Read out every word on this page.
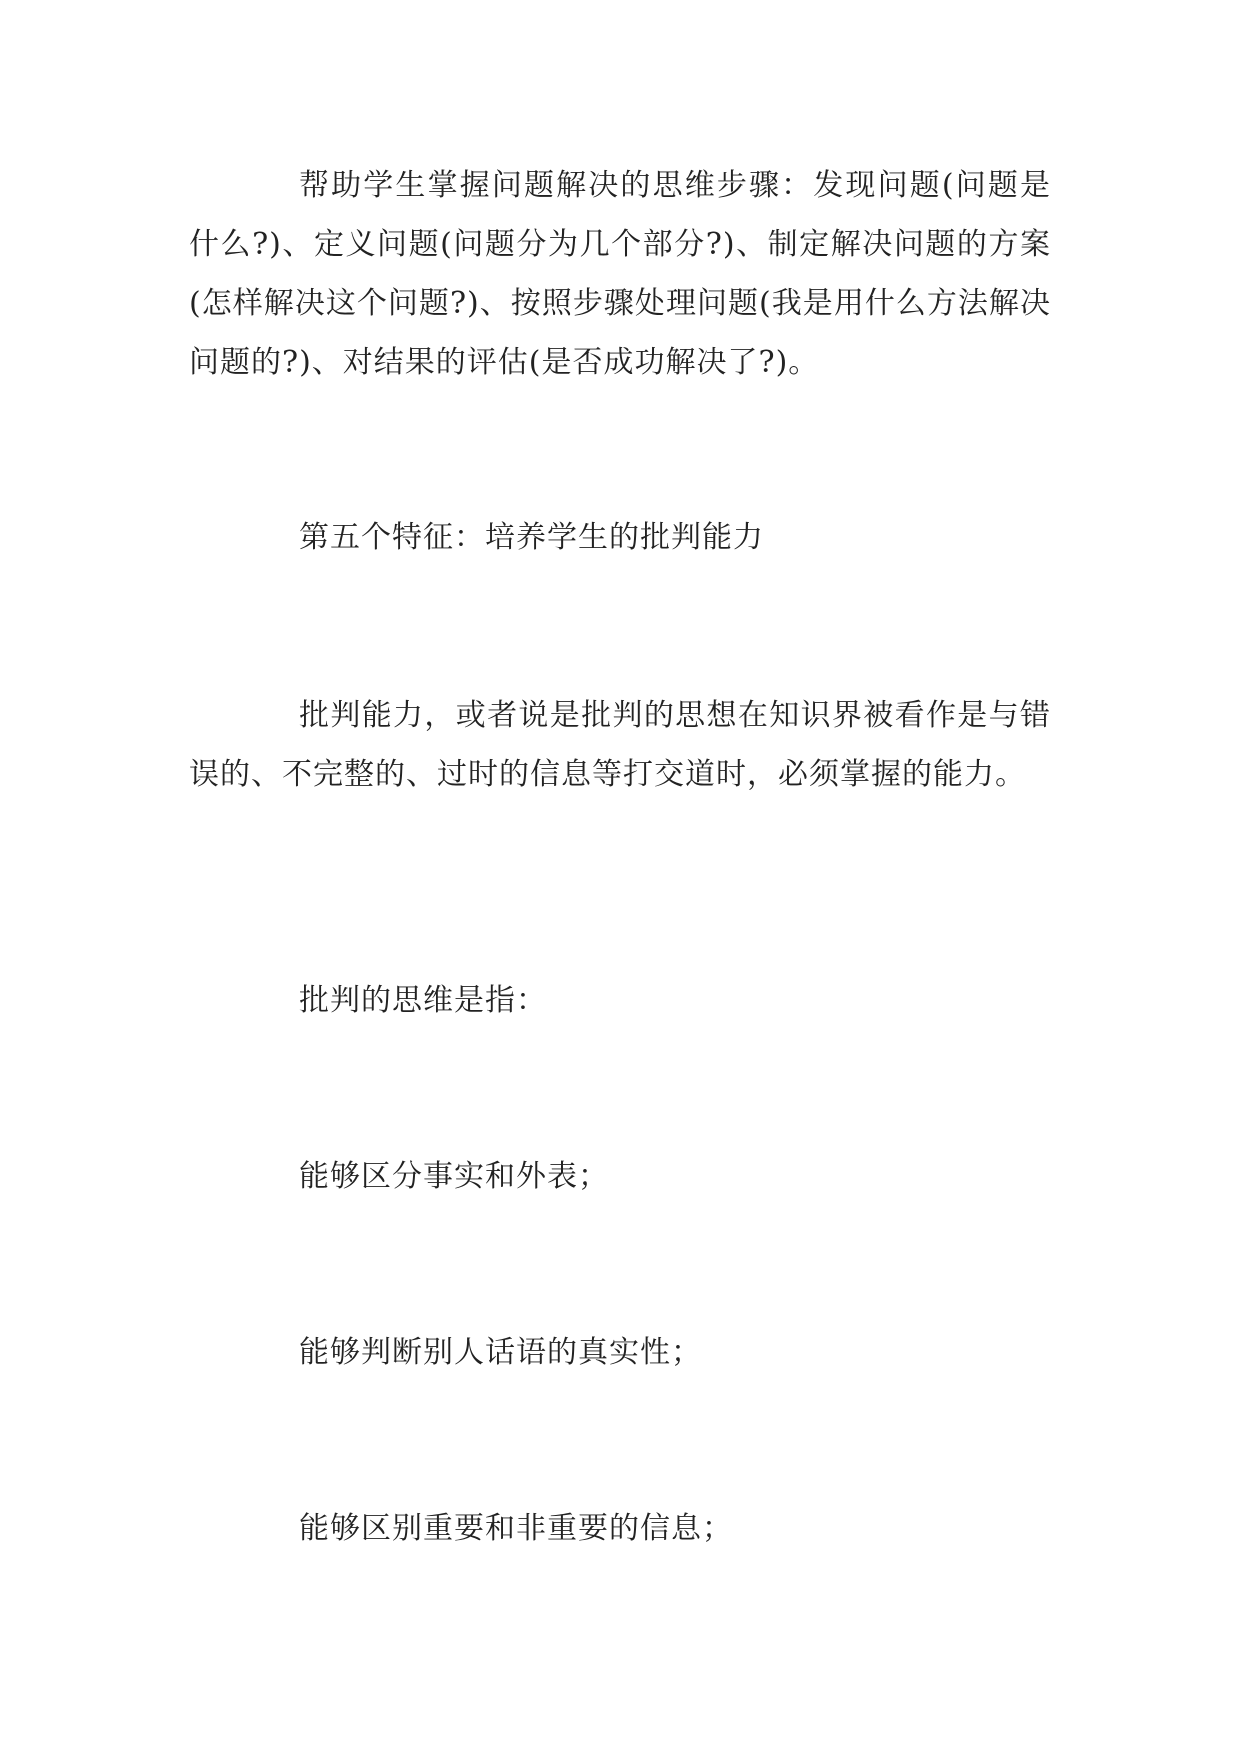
帮助学生掌握问题解决的思维步骤：发现问题(问题是什么?)、定义问题(问题分为几个部分?)、制定解决问题的方案(怎样解决这个问题?)、按照步骤处理问题(我是用什么方法解决问题的?)、对结果的评估(是否成功解决了?)。

第五个特征：培养学生的批判能力

批判能力，或者说是批判的思想在知识界被看作是与错误的、不完整的、过时的信息等打交道时，必须掌握的能力。

批判的思维是指：

能够区分事实和外表；

能够判断别人话语的真实性；

能够区别重要和非重要的信息；
